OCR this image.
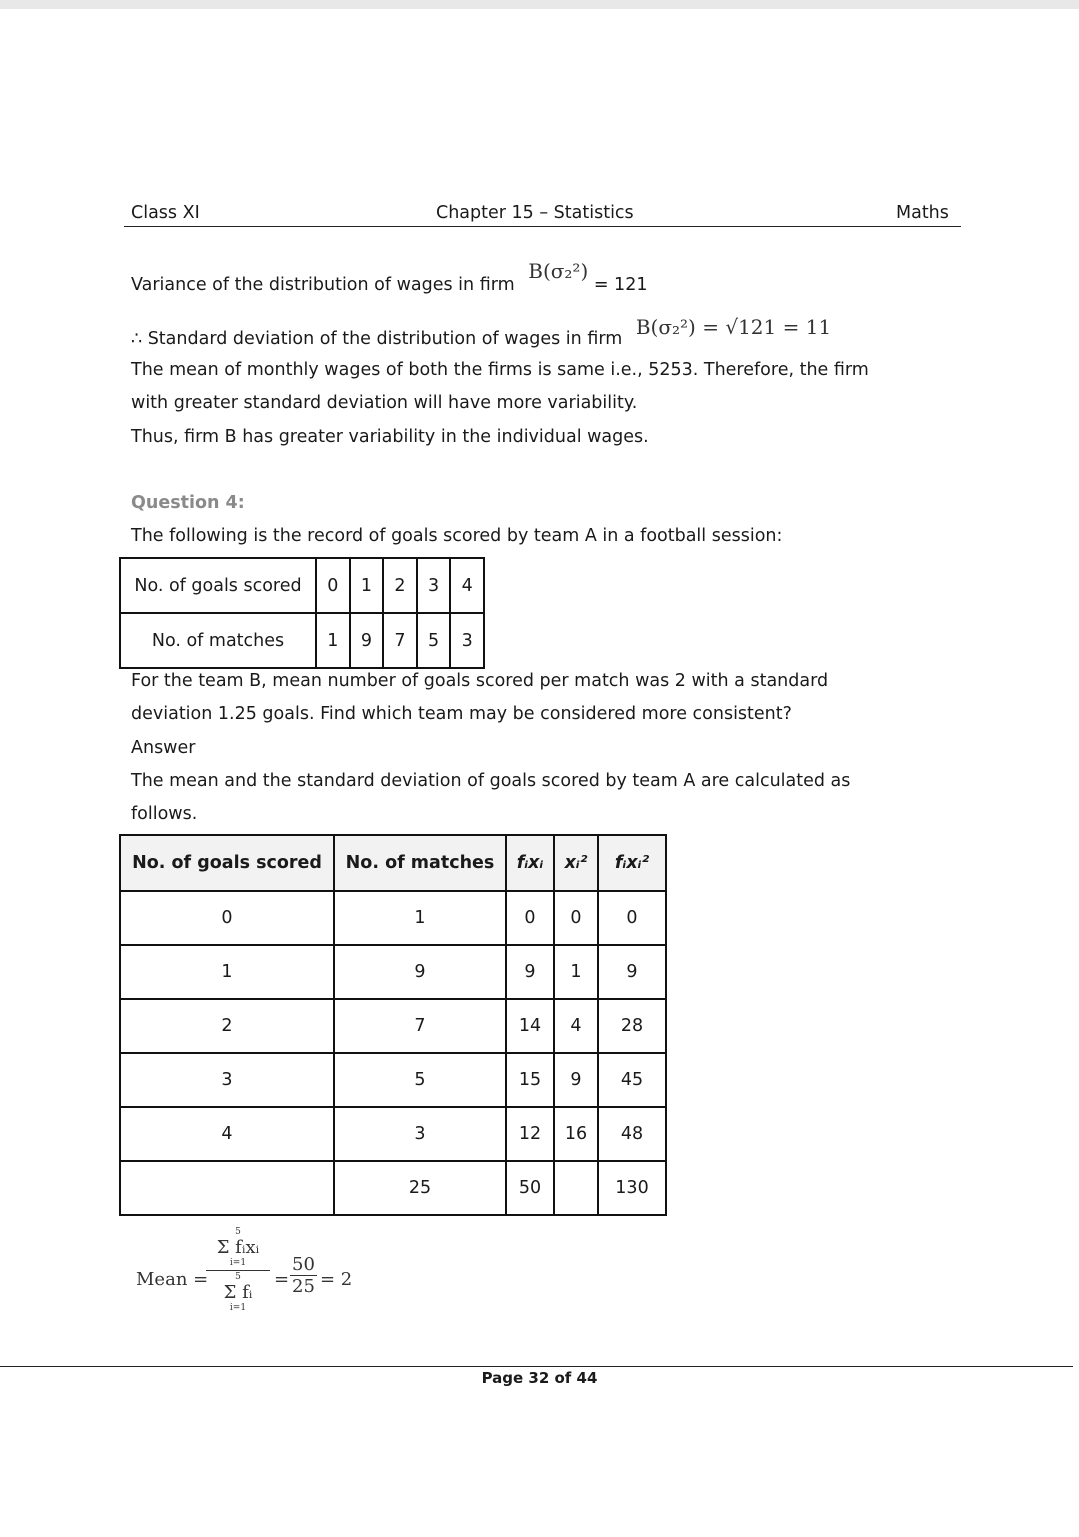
Class XI	Chapter 15 – Statistics	Maths
Variance of the distribution of wages in firm B(σ₂²) = 121
∴ Standard deviation of the distribution of wages in firm B(σ₂²) = √121 = 11
The mean of monthly wages of both the firms is same i.e., 5253. Therefore, the firm
with greater standard deviation will have more variability.
Thus, firm B has greater variability in the individual wages.
Question 4:
The following is the record of goals scored by team A in a football session:
No. of goals scored	0	1	2	3	4
No. of matches	1	9	7	5	3
For the team B, mean number of goals scored per match was 2 with a standard
deviation 1.25 goals. Find which team may be considered more consistent?
Answer
The mean and the standard deviation of goals scored by team A are calculated as
follows.
No. of goals scored	No. of matches	fᵢxᵢ	xᵢ²	fᵢxᵢ²
0	1	0	0	0
1	9	9	1	9
2	7	14	4	28
3	5	15	9	45
4	3	12	16	48
	25	50		130
Mean =
5
Σ fᵢxᵢ
i=1
5
Σ fᵢ
i=1
= $\frac{50}{25} = 2$
Page 32 of 44
